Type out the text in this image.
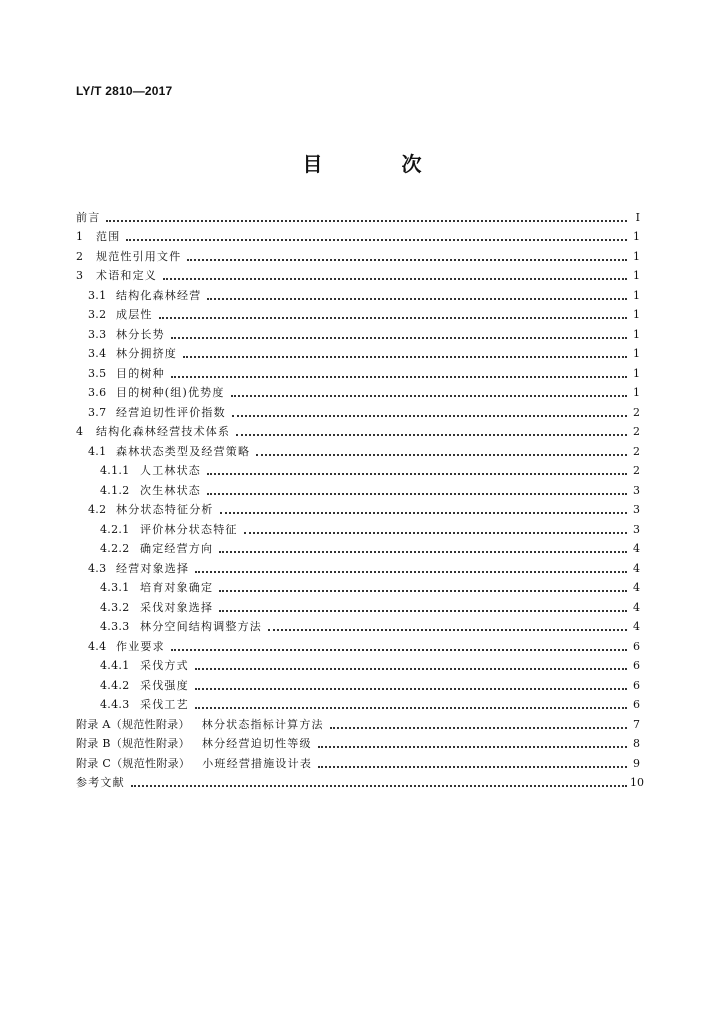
LY/T 2810—2017
目 次
前言	Ⅰ
1 范围	1
2 规范性引用文件	1
3 术语和定义	1
3.1 结构化森林经营	1
3.2 成层性	1
3.3 林分长势	1
3.4 林分拥挤度	1
3.5 目的树种	1
3.6 目的树种(组)优势度	1
3.7 经营迫切性评价指数	2
4 结构化森林经营技术体系	2
4.1 森林状态类型及经营策略	2
4.1.1 人工林状态	2
4.1.2 次生林状态	3
4.2 林分状态特征分析	3
4.2.1 评价林分状态特征	3
4.2.2 确定经营方向	4
4.3 经营对象选择	4
4.3.1 培育对象确定	4
4.3.2 采伐对象选择	4
4.3.3 林分空间结构调整方法	4
4.4 作业要求	6
4.4.1 采伐方式	6
4.4.2 采伐强度	6
4.4.3 采伐工艺	6
附录 A（规范性附录） 林分状态指标计算方法	7
附录 B（规范性附录） 林分经营迫切性等级	8
附录 C（规范性附录） 小班经营措施设计表	9
参考文献	10
